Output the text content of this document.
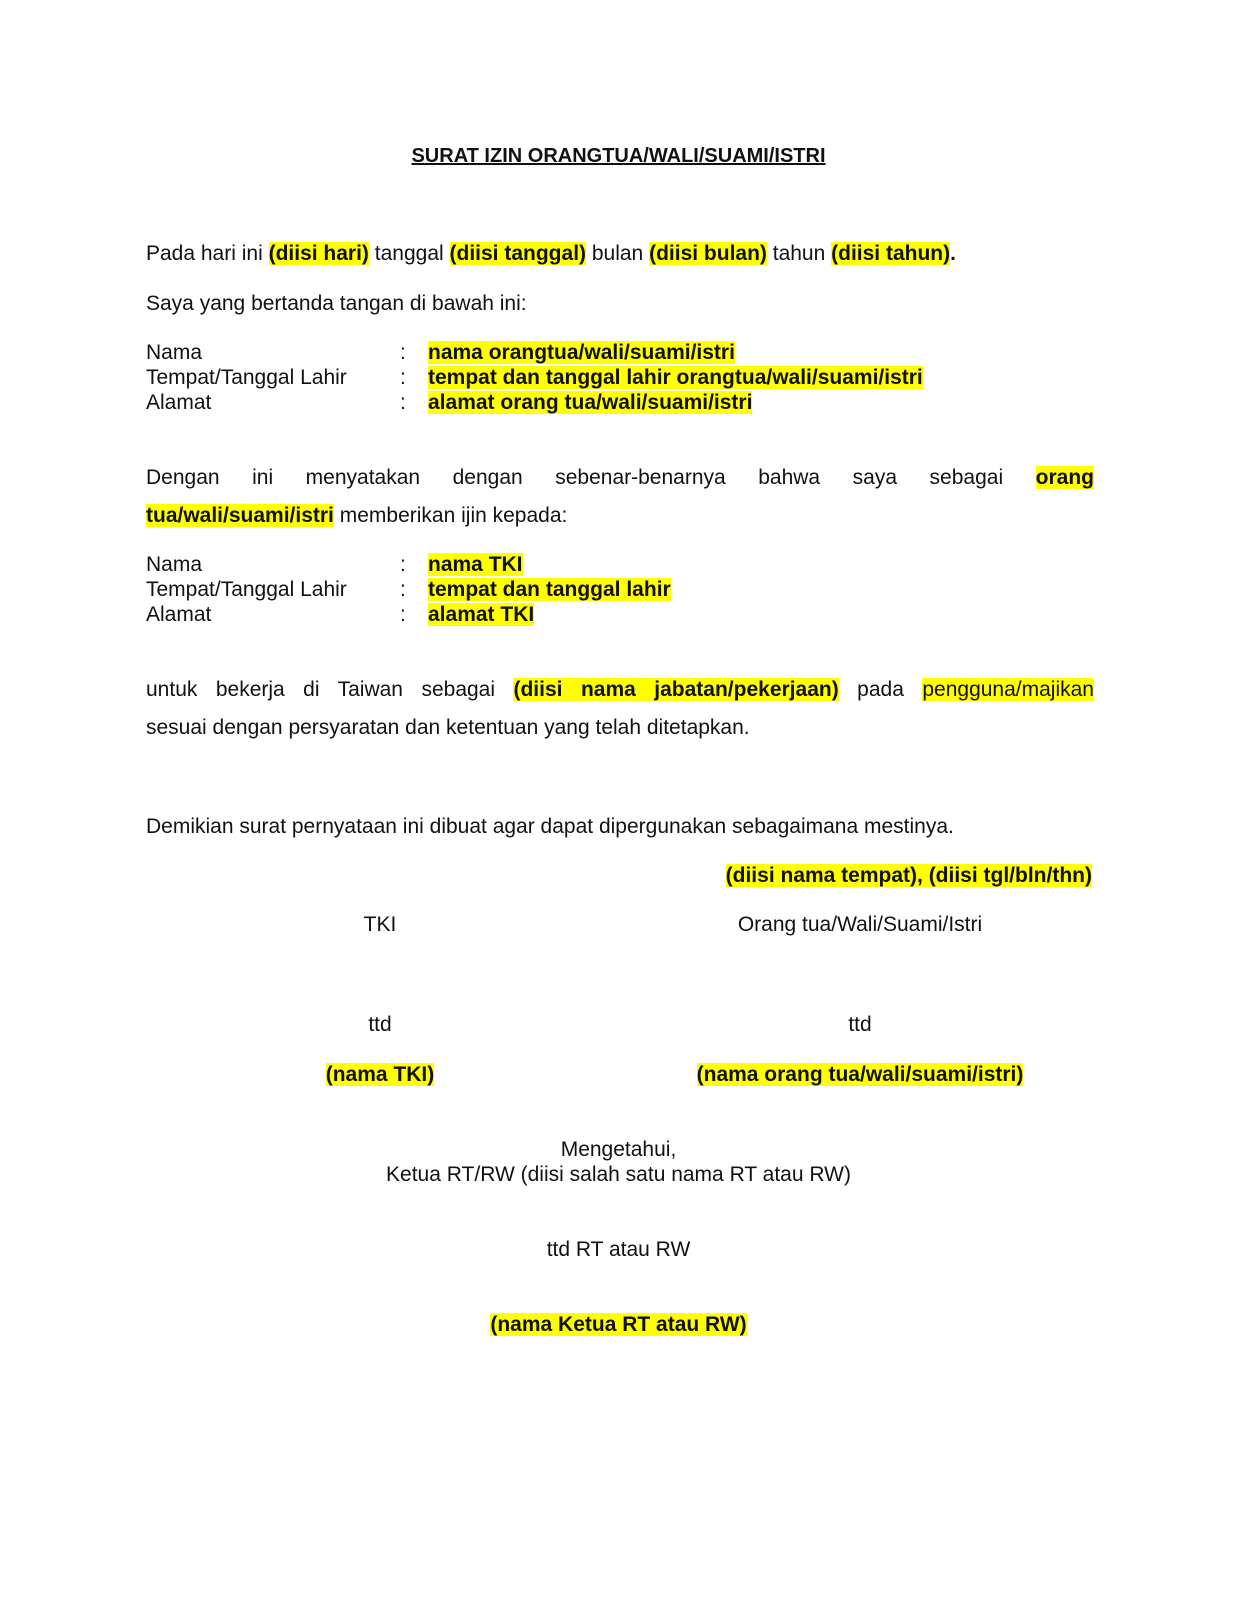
SURAT IZIN ORANGTUA/WALI/SUAMI/ISTRI
Pada hari ini (diisi hari) tanggal (diisi tanggal) bulan (diisi bulan) tahun (diisi tahun).
Saya yang bertanda tangan di bawah ini:
Nama	: nama orangtua/wali/suami/istri
Tempat/Tanggal Lahir	: tempat dan tanggal lahir orangtua/wali/suami/istri
Alamat	: alamat orang tua/wali/suami/istri
Dengan ini menyatakan dengan sebenar-benarnya bahwa saya sebagai orang
tua/wali/suami/istri memberikan ijin kepada:
Nama	: nama TKI
Tempat/Tanggal Lahir	: tempat dan tanggal lahir
Alamat	: alamat TKI
untuk bekerja di Taiwan sebagai (diisi nama jabatan/pekerjaan) pada pengguna/majikan
sesuai dengan persyaratan dan ketentuan yang telah ditetapkan.
Demikian surat pernyataan ini dibuat agar dapat dipergunakan sebagaimana mestinya.
(diisi nama tempat), (diisi tgl/bln/thn)
TKI	Orang tua/Wali/Suami/Istri
ttd	ttd
(nama TKI)	(nama orang tua/wali/suami/istri)
Mengetahui,
Ketua RT/RW (diisi salah satu nama RT atau RW)
ttd RT atau RW
(nama Ketua RT atau RW)
